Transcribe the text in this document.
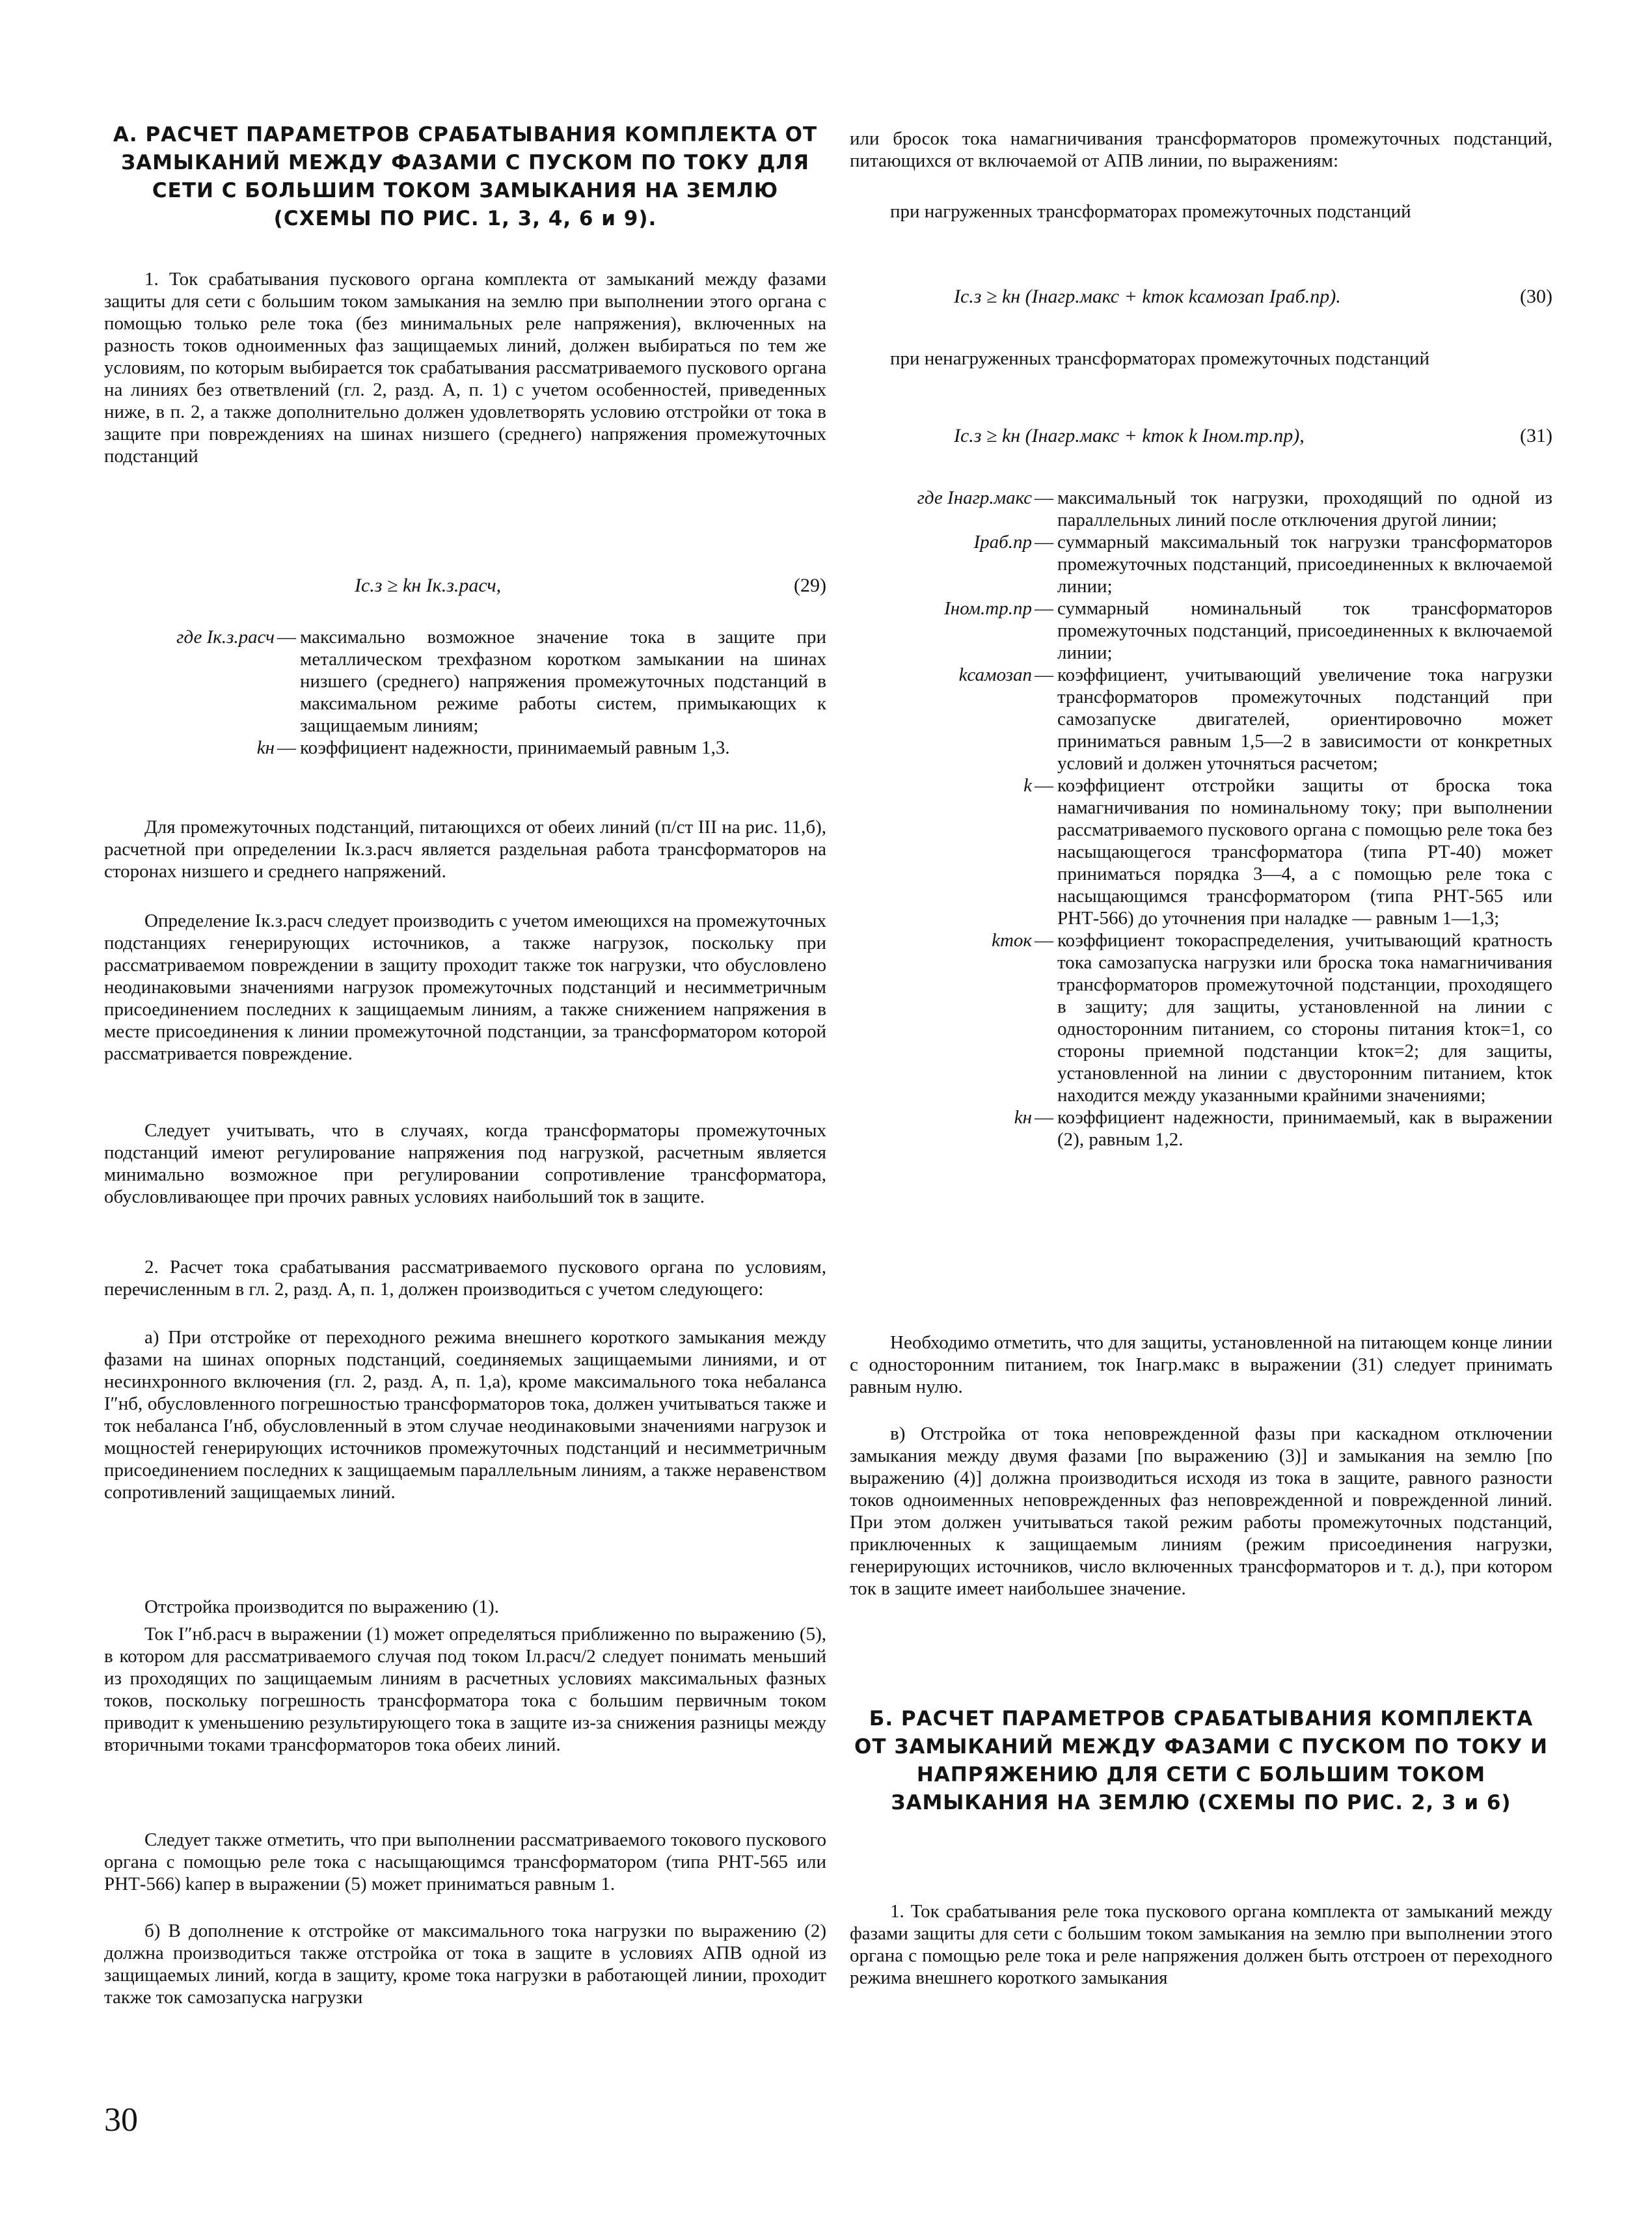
А. РАСЧЕТ ПАРАМЕТРОВ СРАБАТЫВАНИЯ КОМПЛЕКТА ОТ ЗАМЫКАНИЙ МЕЖДУ ФАЗАМИ С ПУСКОМ ПО ТОКУ ДЛЯ СЕТИ С БОЛЬШИМ ТОКОМ ЗАМЫКАНИЯ НА ЗЕМЛЮ (СХЕМЫ ПО РИС. 1, 3, 4, 6 и 9).
1. Ток срабатывания пускового органа комплекта от замыканий между фазами защиты для сети с большим током замыкания на землю при выполнении этого органа с помощью только реле тока (без минимальных реле напряжения), включенных на разность токов одноименных фаз защищаемых линий, должен выбираться по тем же условиям, по которым выбирается ток срабатывания рассматриваемого пускового органа на линиях без ответвлений (гл. 2, разд. А, п. 1) с учетом особенностей, приведенных ниже, в п. 2, а также дополнительно должен удовлетворять условию отстройки от тока в защите при повреждениях на шинах низшего (среднего) напряжения промежуточных подстанций
Iс.з ≥ kн Iк.з.расч,	(29)
где Iк.з.расч — максимально возможное значение тока в защите при металлическом трехфазном коротком замыкании на шинах низшего (среднего) напряжения промежуточных подстанций в максимальном режиме работы систем, примыкающих к защищаемым линиям;
kн — коэффициент надежности, принимаемый равным 1,3.
Для промежуточных подстанций, питающихся от обеих линий (п/ст III на рис. 11,б), расчетной при определении Iк.з.расч является раздельная работа трансформаторов на сторонах низшего и среднего напряжений.
Определение Iк.з.расч следует производить с учетом имеющихся на промежуточных подстанциях генерирующих источников, а также нагрузок, поскольку при рассматриваемом повреждении в защиту проходит также ток нагрузки, что обусловлено неодинаковыми значениями нагрузок промежуточных подстанций и несимметричным присоединением последних к защищаемым линиям, а также снижением напряжения в месте присоединения к линии промежуточной подстанции, за трансформатором которой рассматривается повреждение.
Следует учитывать, что в случаях, когда трансформаторы промежуточных подстанций имеют регулирование напряжения под нагрузкой, расчетным является минимально возможное при регулировании сопротивление трансформатора, обусловливающее при прочих равных условиях наибольший ток в защите.
2. Расчет тока срабатывания рассматриваемого пускового органа по условиям, перечисленным в гл. 2, разд. А, п. 1, должен производиться с учетом следующего:
а) При отстройке от переходного режима внешнего короткого замыкания между фазами на шинах опорных подстанций, соединяемых защищаемыми линиями, и от несинхронного включения (гл. 2, разд. А, п. 1,а), кроме максимального тока небаланса I″нб, обусловленного погрешностью трансформаторов тока, должен учитываться также и ток небаланса I′нб, обусловленный в этом случае неодинаковыми значениями нагрузок и мощностей генерирующих источников промежуточных подстанций и несимметричным присоединением последних к защищаемым параллельным линиям, а также неравенством сопротивлений защищаемых линий.
Отстройка производится по выражению (1).
Ток I″нб.расч в выражении (1) может определяться приближенно по выражению (5), в котором для рассматриваемого случая под током Iл.расч/2 следует понимать меньший из проходящих по защищаемым линиям в расчетных условиях максимальных фазных токов, поскольку погрешность трансформатора тока с большим первичным током приводит к уменьшению результирующего тока в защите из-за снижения разницы между вторичными токами трансформаторов тока обеих линий.
Следует также отметить, что при выполнении рассматриваемого токового пускового органа с помощью реле тока с насыщающимся трансформатором (типа РНТ-565 или РНТ-566) kапер в выражении (5) может приниматься равным 1.
б) В дополнение к отстройке от максимального тока нагрузки по выражению (2) должна производиться также отстройка от тока в защите в условиях АПВ одной из защищаемых линий, когда в защиту, кроме тока нагрузки в работающей линии, проходит также ток самозапуска нагрузки
30
или бросок тока намагничивания трансформаторов промежуточных подстанций, питающихся от включаемой от АПВ линии, по выражениям:
при нагруженных трансформаторах промежуточных подстанций
Iс.з ≥ kн (Iнагр.макс + kток kсамозап Iраб.пр).	(30)
при ненагруженных трансформаторах промежуточных подстанций
Iс.з ≥ kн (Iнагр.макс + kток k Iном.тр.пр),	(31)
где Iнагр.макс — максимальный ток нагрузки, проходящий по одной из параллельных линий после отключения другой линии;
Iраб.пр — суммарный максимальный ток нагрузки трансформаторов промежуточных подстанций, присоединенных к включаемой линии;
Iном.тр.пр — суммарный номинальный ток трансформаторов промежуточных подстанций, присоединенных к включаемой линии;
kсамозап — коэффициент, учитывающий увеличение тока нагрузки трансформаторов промежуточных подстанций при самозапуске двигателей, ориентировочно может приниматься равным 1,5—2 в зависимости от конкретных условий и должен уточняться расчетом;
k — коэффициент отстройки защиты от броска тока намагничивания по номинальному току; при выполнении рассматриваемого пускового органа с помощью реле тока без насыщающегося трансформатора (типа РТ-40) может приниматься порядка 3—4, а с помощью реле тока с насыщающимся трансформатором (типа РНТ-565 или РНТ-566) до уточнения при наладке — равным 1—1,3;
kток — коэффициент токораспределения, учитывающий кратность тока самозапуска нагрузки или броска тока намагничивания трансформаторов промежуточной подстанции, проходящего в защиту; для защиты, установленной на линии с односторонним питанием, со стороны питания kток=1, со стороны приемной подстанции kток=2; для защиты, установленной на линии с двусторонним питанием, kток находится между указанными крайними значениями;
kн — коэффициент надежности, принимаемый, как в выражении (2), равным 1,2.
Необходимо отметить, что для защиты, установленной на питающем конце линии с односторонним питанием, ток Iнагр.макс в выражении (31) следует принимать равным нулю.
в) Отстройка от тока неповрежденной фазы при каскадном отключении замыкания между двумя фазами [по выражению (3)] и замыкания на землю [по выражению (4)] должна производиться исходя из тока в защите, равного разности токов одноименных неповрежденных фаз неповрежденной и поврежденной линий. При этом должен учитываться такой режим работы промежуточных подстанций, приключенных к защищаемым линиям (режим присоединения нагрузки, генерирующих источников, число включенных трансформаторов и т. д.), при котором ток в защите имеет наибольшее значение.
Б. РАСЧЕТ ПАРАМЕТРОВ СРАБАТЫВАНИЯ КОМПЛЕКТА ОТ ЗАМЫКАНИЙ МЕЖДУ ФАЗАМИ С ПУСКОМ ПО ТОКУ И НАПРЯЖЕНИЮ ДЛЯ СЕТИ С БОЛЬШИМ ТОКОМ ЗАМЫКАНИЯ НА ЗЕМЛЮ (СХЕМЫ ПО РИС. 2, 3 и 6)
1. Ток срабатывания реле тока пускового органа комплекта от замыканий между фазами защиты для сети с большим током замыкания на землю при выполнении этого органа с помощью реле тока и реле напряжения должен быть отстроен от переходного режима внешнего короткого замыкания
